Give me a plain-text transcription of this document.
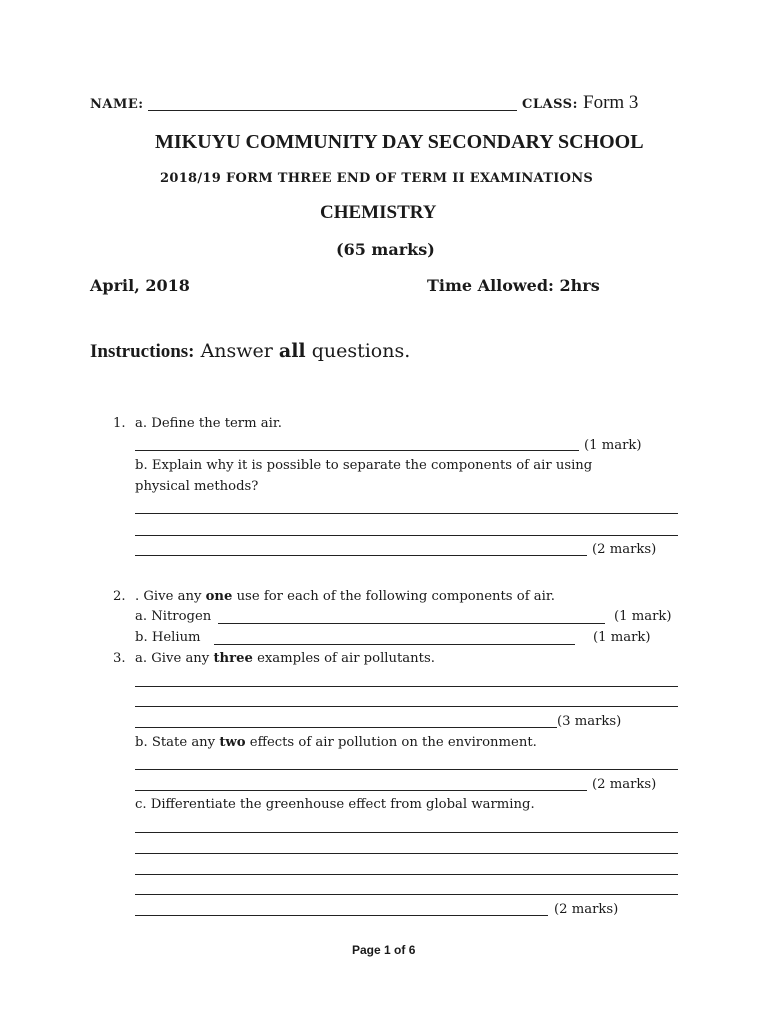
NAME:	CLASS: Form 3
MIKUYU COMMUNITY DAY SECONDARY SCHOOL
2018/19 FORM THREE END OF TERM II EXAMINATIONS
CHEMISTRY
(65 marks)
April, 2018	Time Allowed: 2hrs
Instructions: Answer all questions.
1. a. Define the term air.
(1 mark)
b. Explain why it is possible to separate the components of air using
physical methods?
(2 marks)
2. . Give any one use for each of the following components of air.
a. Nitrogen	(1 mark)
b. Helium	(1 mark)
3. a. Give any three examples of air pollutants.
(3 marks)
b. State any two effects of air pollution on the environment.
(2 marks)
c. Differentiate the greenhouse effect from global warming.
(2 marks)
Page 1 of 6
